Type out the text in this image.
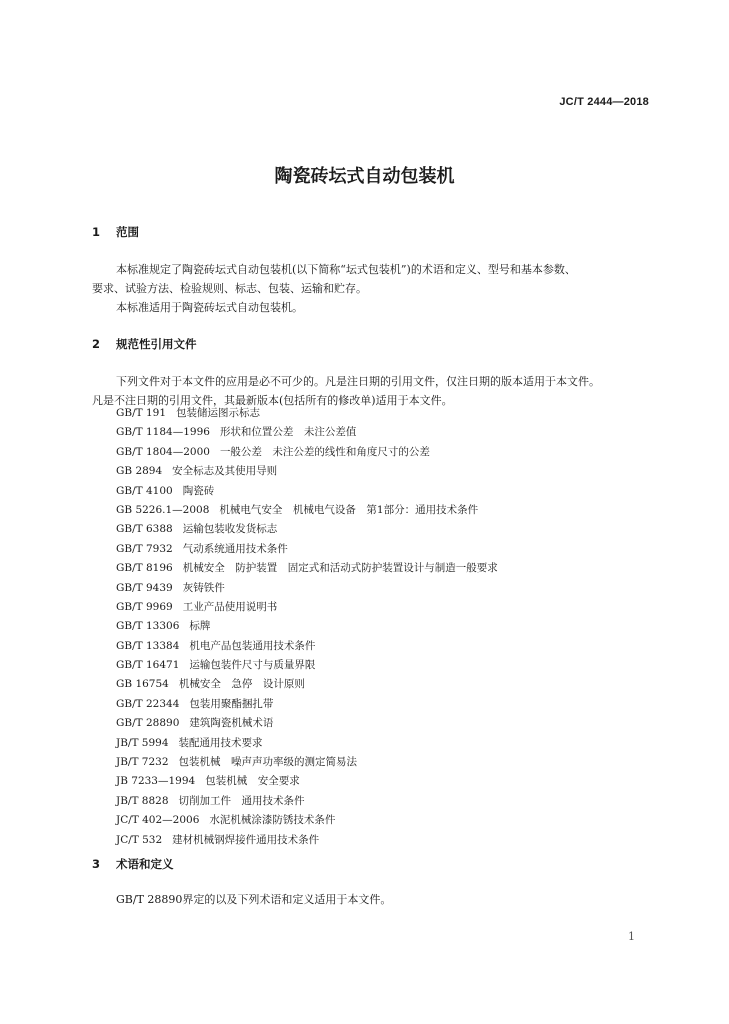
JC/T 2444—2018
陶瓷砖坛式自动包装机
1 范围
本标准规定了陶瓷砖坛式自动包装机(以下简称“坛式包装机”)的术语和定义、型号和基本参数、
要求、试验方法、检验规则、标志、包装、运输和贮存。
本标准适用于陶瓷砖坛式自动包装机。
2 规范性引用文件
下列文件对于本文件的应用是必不可少的。凡是注日期的引用文件，仅注日期的版本适用于本文件。
凡是不注日期的引用文件，其最新版本(包括所有的修改单)适用于本文件。
GB/T 191 包装储运图示标志
GB/T 1184—1996 形状和位置公差　未注公差值
GB/T 1804—2000 一般公差　未注公差的线性和角度尺寸的公差
GB 2894 安全标志及其使用导则
GB/T 4100 陶瓷砖
GB 5226.1—2008 机械电气安全　机械电气设备　第1部分：通用技术条件
GB/T 6388 运输包装收发货标志
GB/T 7932 气动系统通用技术条件
GB/T 8196 机械安全　防护装置　固定式和活动式防护装置设计与制造一般要求
GB/T 9439 灰铸铁件
GB/T 9969 工业产品使用说明书
GB/T 13306 标牌
GB/T 13384 机电产品包装通用技术条件
GB/T 16471 运输包装件尺寸与质量界限
GB 16754 机械安全　急停　设计原则
GB/T 22344 包装用聚酯捆扎带
GB/T 28890 建筑陶瓷机械术语
JB/T 5994 装配通用技术要求
JB/T 7232 包装机械　噪声声功率级的测定简易法
JB 7233—1994 包装机械　安全要求
JB/T 8828 切削加工件　通用技术条件
JC/T 402—2006 水泥机械涂漆防锈技术条件
JC/T 532 建材机械钢焊接件通用技术条件
3 术语和定义
GB/T 28890界定的以及下列术语和定义适用于本文件。
1
